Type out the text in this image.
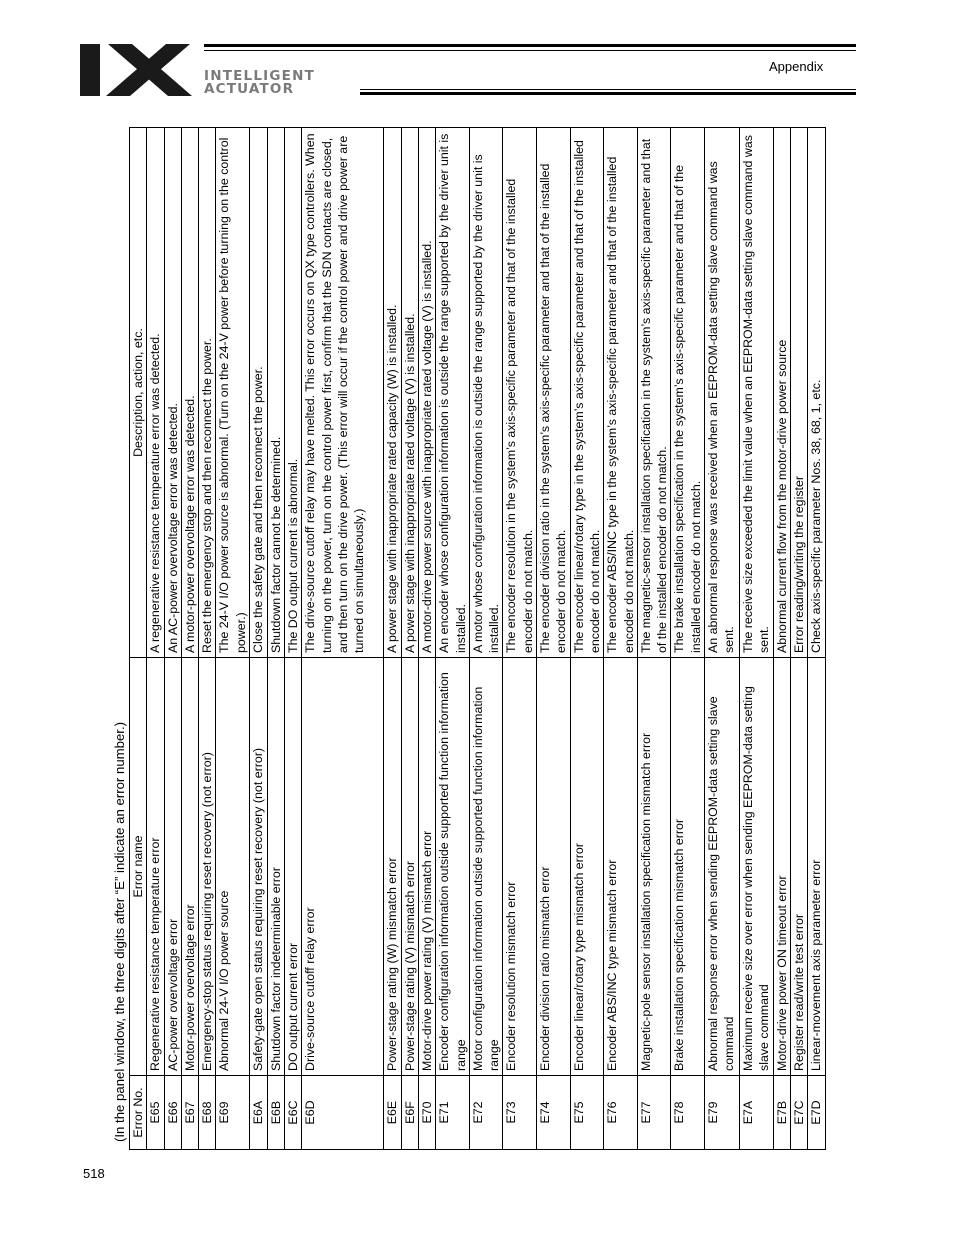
INTELLIGENT
ACTUATOR
Appendix
(In the panel window, the three digits after “E” indicate an error number.) Error No.	Error name	Description, action, etc.
E65	Regenerative resistance temperature error	A regenerative resistance temperature error was detected.
E66	AC-power overvoltage error	An AC-power overvoltage error was detected.
E67	Motor-power overvoltage error	A motor-power overvoltage error was detected.
E68	Emergency-stop status requiring reset recovery (not error)	Reset the emergency stop and then reconnect the power.
E69	Abnormal 24-V I/O power source	The 24-V I/O power source is abnormal. (Turn on the 24-V power before turning on the control power.)
E6A	Safety-gate open status requiring reset recovery (not error)	Close the safety gate and then reconnect the power.
E6B	Shutdown factor indeterminable error	Shutdown factor cannot be determined.
E6C	DO output current error	The DO output current is abnormal.
E6D	Drive-source cutoff relay error	The drive-source cutoff relay may have melted. This error occurs on QX type controllers. When turning on the power, turn on the control power first, confirm that the SDN contacts are closed, and then turn on the drive power. (This error will occur if the control power and drive power are turned on simultaneously.)
E6E	Power-stage rating (W) mismatch error	A power stage with inappropriate rated capacity (W) is installed.
E6F	Power-stage rating (V) mismatch error	A power stage with inappropriate rated voltage (V) is installed.
E70	Motor-drive power rating (V) mismatch error	A motor-drive power source with inappropriate rated voltage (V) is installed.
E71	Encoder configuration information outside supported function information range	An encoder whose configuration information is outside the range supported by the driver unit is installed.
E72	Motor configuration information outside supported function information range	A motor whose configuration information is outside the range supported by the driver unit is installed.
E73	Encoder resolution mismatch error	The encoder resolution in the system’s axis-specific parameter and that of the installed encoder do not match.
E74	Encoder division ratio mismatch error	The encoder division ratio in the system’s axis-specific parameter and that of the installed encoder do not match.
E75	Encoder linear/rotary type mismatch error	The encoder linear/rotary type in the system’s axis-specific parameter and that of the installed encoder do not match.
E76	Encoder ABS/INC type mismatch error	The encoder ABS/INC type in the system’s axis-specific parameter and that of the installed encoder do not match.
E77	Magnetic-pole sensor installation specification mismatch error	The magnetic-sensor installation specification in the system’s axis-specific parameter and that of the installed encoder do not match.
E78	Brake installation specification mismatch error	The brake installation specification in the system’s axis-specific parameter and that of the installed encoder do not match.
E79	Abnormal response error when sending EEPROM-data setting slave command	An abnormal response was received when an EEPROM-data setting slave command was sent.
E7A	Maximum receive size over error when sending EEPROM-data setting slave command	The receive size exceeded the limit value when an EEPROM-data setting slave command was sent.
E7B	Motor-drive power ON timeout error	Abnormal current flow from the motor-drive power source
E7C	Register read/write test error	Error reading/writing the register
E7D	Linear-movement axis parameter error	Check axis-specific parameter Nos. 38, 68, 1, etc.
518
